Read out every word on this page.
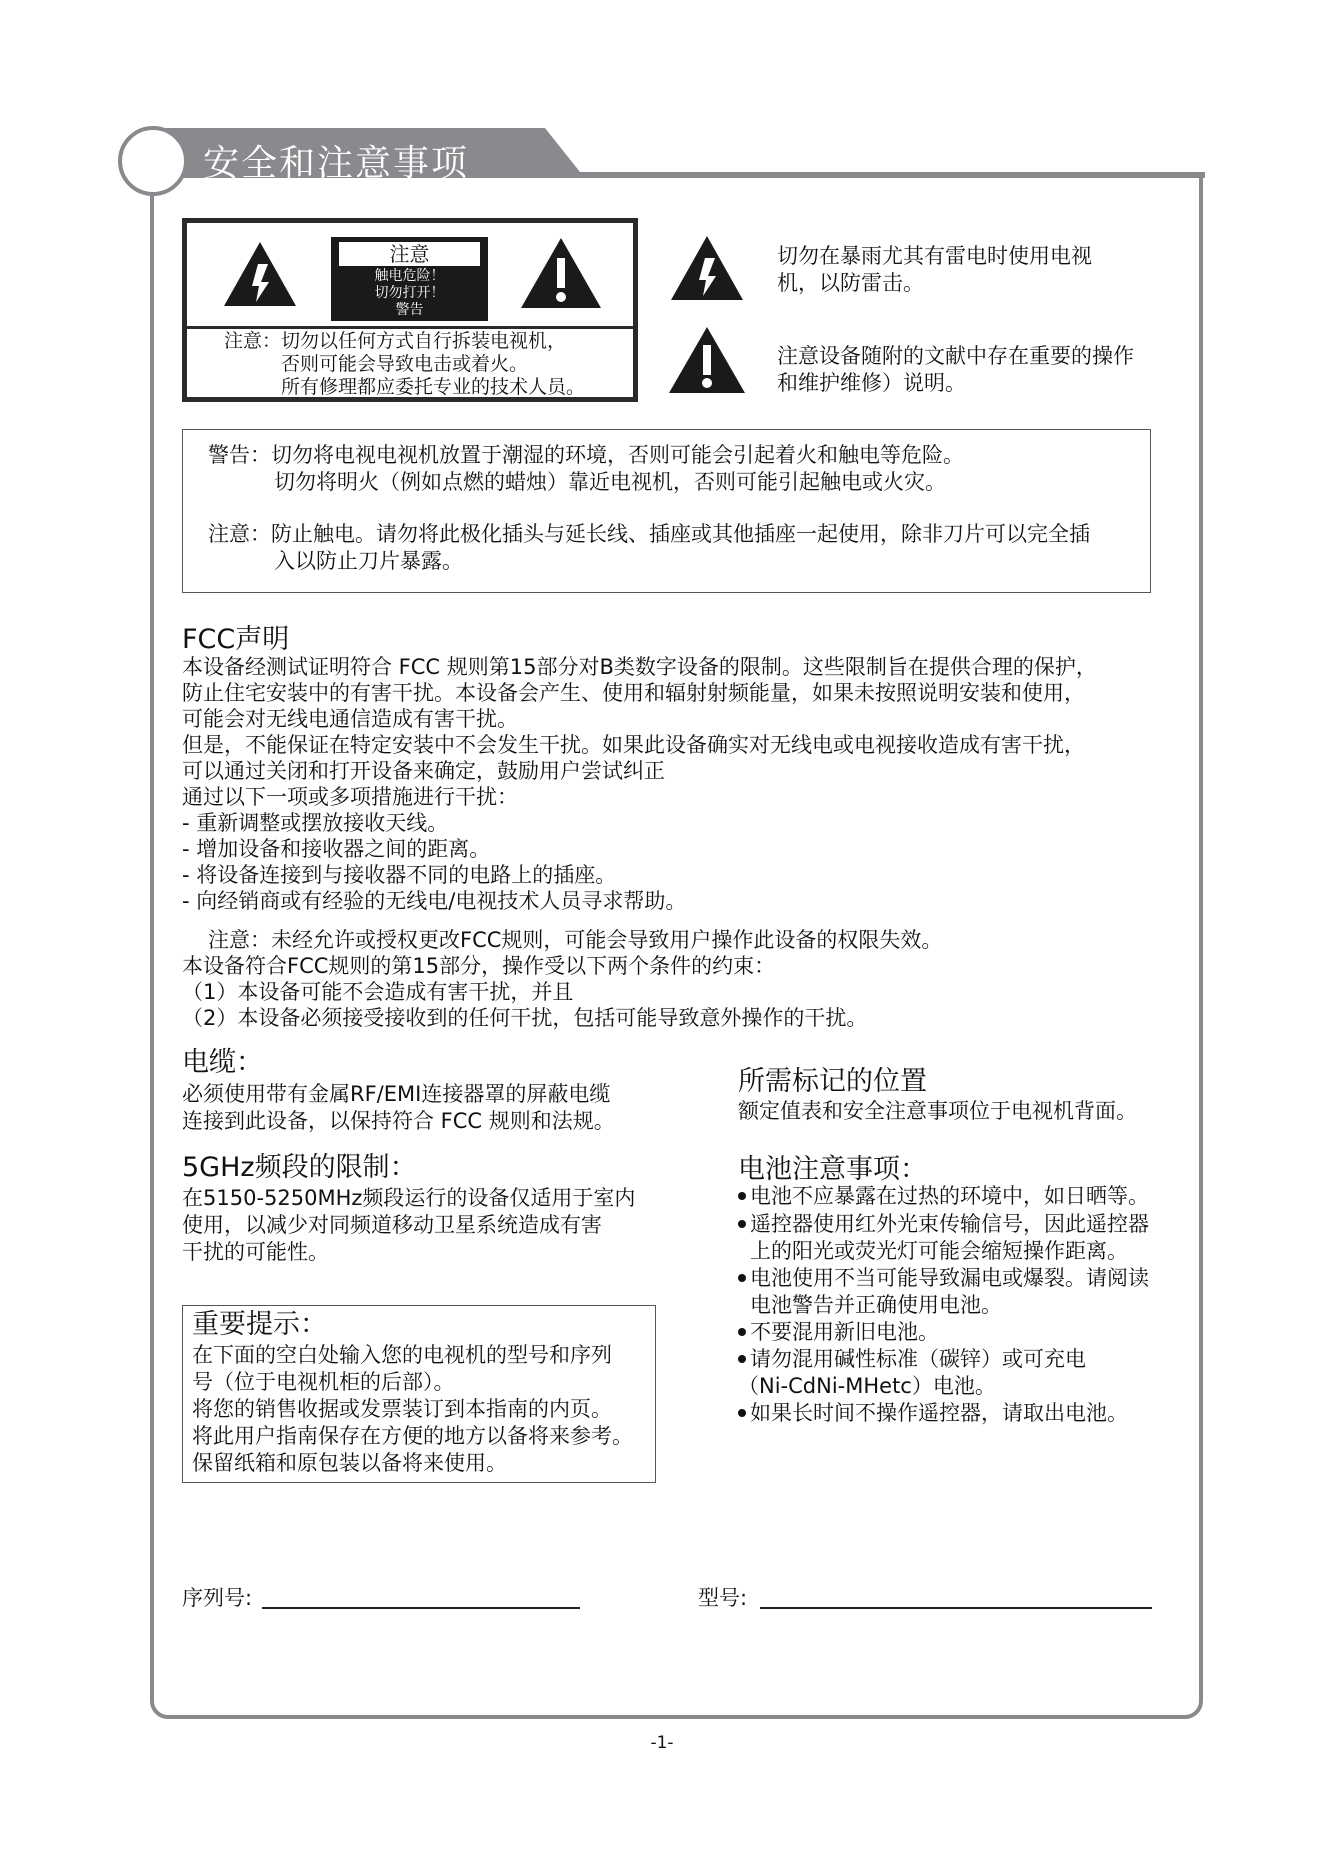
安全和注意事项
注意
触电危险！
切勿打开！
警告
注意：切勿以任何方式自行拆装电视机，
否则可能会导致电击或着火。
所有修理都应委托专业的技术人员。
切勿在暴雨尤其有雷电时使用电视
机，以防雷击。
注意设备随附的文献中存在重要的操作
和维护维修）说明。
警告：切勿将电视电视机放置于潮湿的环境，否则可能会引起着火和触电等危险。
切勿将明火（例如点燃的蜡烛）靠近电视机，否则可能引起触电或火灾。
注意：防止触电。请勿将此极化插头与延长线、插座或其他插座一起使用，除非刀片可以完全插
入以防止刀片暴露。
FCC声明
本设备经测试证明符合 FCC 规则第15部分对B类数字设备的限制。这些限制旨在提供合理的保护，
防止住宅安装中的有害干扰。本设备会产生、使用和辐射射频能量，如果未按照说明安装和使用，
可能会对无线电通信造成有害干扰。
但是，不能保证在特定安装中不会发生干扰。如果此设备确实对无线电或电视接收造成有害干扰，
可以通过关闭和打开设备来确定，鼓励用户尝试纠正
通过以下一项或多项措施进行干扰：
- 重新调整或摆放接收天线。
- 增加设备和接收器之间的距离。
- 将设备连接到与接收器不同的电路上的插座。
- 向经销商或有经验的无线电/电视技术人员寻求帮助。
注意：未经允许或授权更改FCC规则，可能会导致用户操作此设备的权限失效。
本设备符合FCC规则的第15部分，操作受以下两个条件的约束：
（1）本设备可能不会造成有害干扰，并且
（2）本设备必须接受接收到的任何干扰，包括可能导致意外操作的干扰。
电缆：
必须使用带有金属RF/EMI连接器罩的屏蔽电缆
连接到此设备，以保持符合 FCC 规则和法规。
5GHz频段的限制：
在5150-5250MHz频段运行的设备仅适用于室内
使用，以减少对同频道移动卫星系统造成有害
干扰的可能性。
重要提示：
在下面的空白处输入您的电视机的型号和序列
号（位于电视机柜的后部）。
将您的销售收据或发票装订到本指南的内页。
将此用户指南保存在方便的地方以备将来参考。
保留纸箱和原包装以备将来使用。
所需标记的位置
额定值表和安全注意事项位于电视机背面。
电池注意事项：
电池不应暴露在过热的环境中，如日晒等。
遥控器使用红外光束传输信号，因此遥控器
上的阳光或荧光灯可能会缩短操作距离。
电池使用不当可能导致漏电或爆裂。请阅读
电池警告并正确使用电池。
不要混用新旧电池。
请勿混用碱性标准（碳锌）或可充电
（Ni-CdNi-MHetc）电池。
如果长时间不操作遥控器，请取出电池。
序列号:	型号:
-1-
